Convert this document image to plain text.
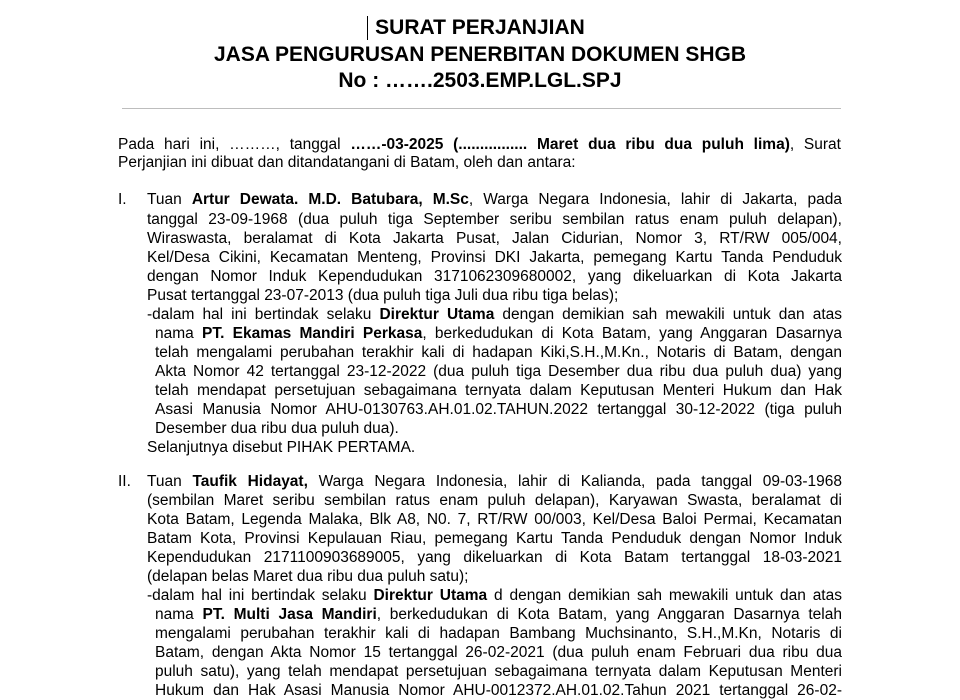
SURAT PERJANJIAN
JASA PENGURUSAN PENERBITAN DOKUMEN SHGB
No : …….2503.EMP.LGL.SPJ
Pada hari ini, ………, tanggal ……-03-2025 (................ Maret dua ribu dua puluh lima), Surat
Perjanjian ini dibuat dan ditandatangani di Batam, oleh dan antara:
I. Tuan Artur Dewata. M.D. Batubara, M.Sc, Warga Negara Indonesia, lahir di Jakarta, pada
tanggal 23-09-1968 (dua puluh tiga September seribu sembilan ratus enam puluh delapan),
Wiraswasta, beralamat di Kota Jakarta Pusat, Jalan Cidurian, Nomor 3, RT/RW 005/004,
Kel/Desa Cikini, Kecamatan Menteng, Provinsi DKI Jakarta, pemegang Kartu Tanda Penduduk
dengan Nomor Induk Kependudukan 3171062309680002, yang dikeluarkan di Kota Jakarta
Pusat tertanggal 23-07-2013 (dua puluh tiga Juli dua ribu tiga belas);
-dalam hal ini bertindak selaku Direktur Utama dengan demikian sah mewakili untuk dan atas
nama PT. Ekamas Mandiri Perkasa, berkedudukan di Kota Batam, yang Anggaran Dasarnya
telah mengalami perubahan terakhir kali di hadapan Kiki,S.H.,M.Kn., Notaris di Batam, dengan
Akta Nomor 42 tertanggal 23-12-2022 (dua puluh tiga Desember dua ribu dua puluh dua) yang
telah mendapat persetujuan sebagaimana ternyata dalam Keputusan Menteri Hukum dan Hak
Asasi Manusia Nomor AHU-0130763.AH.01.02.TAHUN.2022 tertanggal 30-12-2022 (tiga puluh
Desember dua ribu dua puluh dua).
Selanjutnya disebut PIHAK PERTAMA.
II. Tuan Taufik Hidayat, Warga Negara Indonesia, lahir di Kalianda, pada tanggal 09-03-1968
(sembilan Maret seribu sembilan ratus enam puluh delapan), Karyawan Swasta, beralamat di
Kota Batam, Legenda Malaka, Blk A8, N0. 7, RT/RW 00/003, Kel/Desa Baloi Permai, Kecamatan
Batam Kota, Provinsi Kepulauan Riau, pemegang Kartu Tanda Penduduk dengan Nomor Induk
Kependudukan 2171100903689005, yang dikeluarkan di Kota Batam tertanggal 18-03-2021
(delapan belas Maret dua ribu dua puluh satu);
-dalam hal ini bertindak selaku Direktur Utama d dengan demikian sah mewakili untuk dan atas
nama PT. Multi Jasa Mandiri, berkedudukan di Kota Batam, yang Anggaran Dasarnya telah
mengalami perubahan terakhir kali di hadapan Bambang Muchsinanto, S.H.,M.Kn, Notaris di
Batam, dengan Akta Nomor 15 tertanggal 26-02-2021 (dua puluh enam Februari dua ribu dua
puluh satu), yang telah mendapat persetujuan sebagaimana ternyata dalam Keputusan Menteri
Hukum dan Hak Asasi Manusia Nomor AHU-0012372.AH.01.02.Tahun 2021 tertanggal 26-02-
